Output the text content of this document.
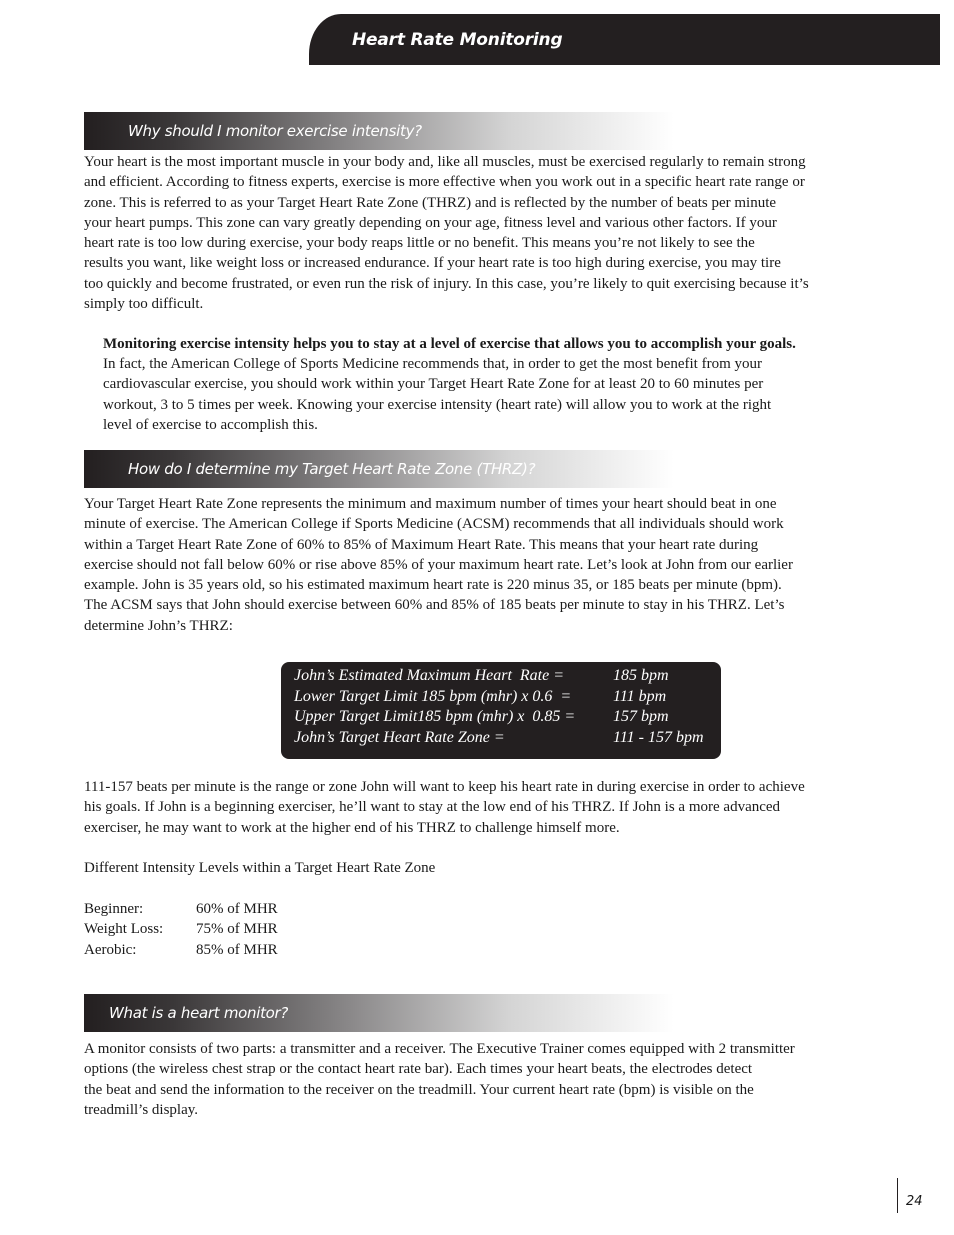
Heart Rate Monitoring
Why should I monitor exercise intensity?

Your heart is the most important muscle in your body and, like all muscles, must be exercised regularly to remain strong
and efficient. According to fitness experts, exercise is more effective when you work out in a specific heart rate range or
zone. This is referred to as your Target Heart Rate Zone (THRZ) and is reflected by the number of beats per minute
your heart pumps. This zone can vary greatly depending on your age, fitness level and various other factors. If your
heart rate is too low during exercise, your body reaps little or no benefit. This means you’re not likely to see the
results you want, like weight loss or increased endurance. If your heart rate is too high during exercise, you may tire
too quickly and become frustrated, or even run the risk of injury. In this case, you’re likely to quit exercising because it’s
simply too difficult.

Monitoring exercise intensity helps you to stay at a level of exercise that allows you to accomplish your goals.

In fact, the American College of Sports Medicine recommends that, in order to get the most benefit from your
cardiovascular exercise, you should work within your Target Heart Rate Zone for at least 20 to 60 minutes per
workout, 3 to 5 times per week. Knowing your exercise intensity (heart rate) will allow you to work at the right
level of exercise to accomplish this.

How do I determine my Target Heart Rate Zone (THRZ)?

Your Target Heart Rate Zone represents the minimum and maximum number of times your heart should beat in one
minute of exercise. The American College if Sports Medicine (ACSM) recommends that all individuals should work
within a Target Heart Rate Zone of 60% to 85% of Maximum Heart Rate. This means that your heart rate during
exercise should not fall below 60% or rise above 85% of your maximum heart rate. Let’s look at John from our earlier
example. John is 35 years old, so his estimated maximum heart rate is 220 minus 35, or 185 beats per minute (bpm).
The ACSM says that John should exercise between 60% and 85% of 185 beats per minute to stay in his THRZ. Let’s
determine John’s THRZ:

John’s Estimated Maximum Heart  Rate =	185 bpm
Lower Target Limit 185 bpm (mhr) x 0.6  =	111 bpm
Upper Target Limit185 bpm (mhr) x  0.85 =	157 bpm
John’s Target Heart Rate Zone =	111 - 157 bpm

111-157 beats per minute is the range or zone John will want to keep his heart rate in during exercise in order to achieve
his goals. If John is a beginning exerciser, he’ll want to stay at the low end of his THRZ. If John is a more advanced
exerciser, he may want to work at the higher end of his THRZ to challenge himself more.

Different Intensity Levels within a Target Heart Rate Zone

Beginner:	60% of MHR
Weight Loss:	75% of MHR
Aerobic:	85% of MHR
What is a heart monitor?

A monitor consists of two parts: a transmitter and a receiver. The Executive Trainer comes equipped with 2 transmitter
options (the wireless chest strap or the contact heart rate bar). Each times your heart beats, the electrodes detect
the beat and send the information to the receiver on the treadmill. Your current heart rate (bpm) is visible on the
treadmill’s display.

24
